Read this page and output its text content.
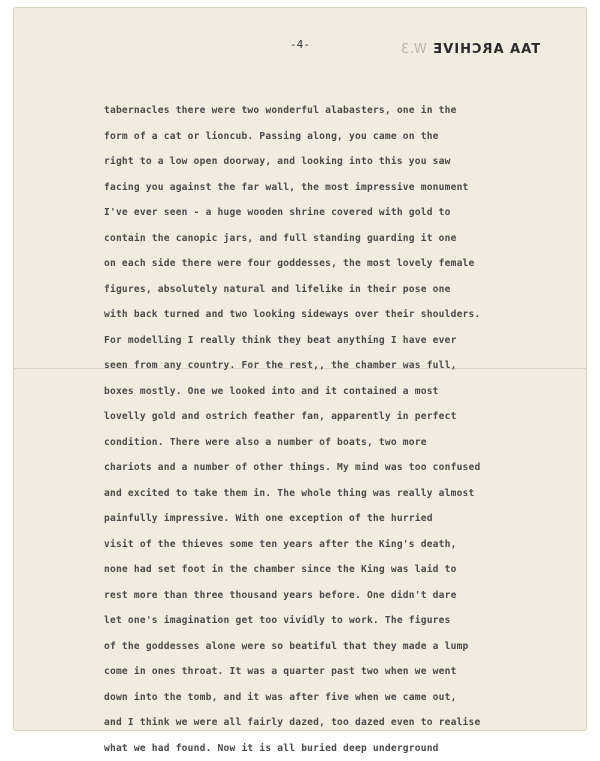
-4-	TAA ARCHIVE W.3
tabernacles there were two wonderful alabasters, one in the
form of a cat or lioncub. Passing along, you came on the
right to a low open doorway, and looking into this you saw
facing you against the far wall, the most impressive monument
I've ever seen - a huge wooden shrine covered with gold to
contain the canopic jars, and full standing guarding it one
on each side there were four goddesses, the most lovely female
figures, absolutely natural and lifelike in their pose one
with back turned and two looking sideways over their shoulders.
For modelling I really think they beat anything I have ever
seen from any country. For the rest,, the chamber was full,
boxes mostly. One we looked into and it contained a most
lovelly gold and ostrich feather fan, apparently in perfect
condition. There were also a number of boats, two more
chariots and a number of other things. My mind was too confused
and excited to take them in. The whole thing was really almost
painfully impressive. With one exception of the hurried
visit of the thieves some ten years after the King's death,
none had set foot in the chamber since the King was laid to
rest more than three thousand years before. One didn't dare
let one's imagination get too vividly to work. The figures
of the goddesses alone were so beatiful that they made a lump
come in ones throat. It was a quarter past two when we went
down into the tomb, and it was after five when we came out,
and I think we were all fairly dazed, too dazed even to realise
what we had found. Now it is all buried deep underground
